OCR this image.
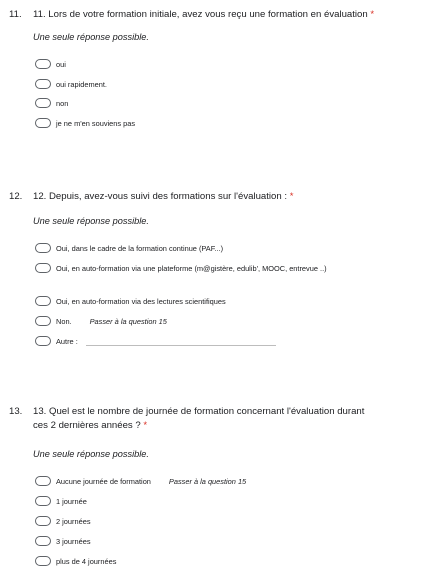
11. 11. Lors de votre formation initiale, avez vous reçu une formation en évaluation *
Une seule réponse possible.
oui
oui rapidement.
non
je ne m'en souviens pas
12. 12. Depuis, avez-vous suivi des formations sur l'évaluation : *
Une seule réponse possible.
Oui, dans le cadre de la formation continue (PAF...)
Oui, en auto-formation via une plateforme (m@gistère, edulib', MOOC, entrevue ..)
Oui, en auto-formation via des lectures scientifiques
Non. Passer à la question 15
Autre :
13. 13. Quel est le nombre de journée de formation concernant l'évaluation durant
ces 2 dernières années ? *
Une seule réponse possible.
Aucune journée de formation Passer à la question 15
1 journée
2 journées
3 journées
plus de 4 journées
